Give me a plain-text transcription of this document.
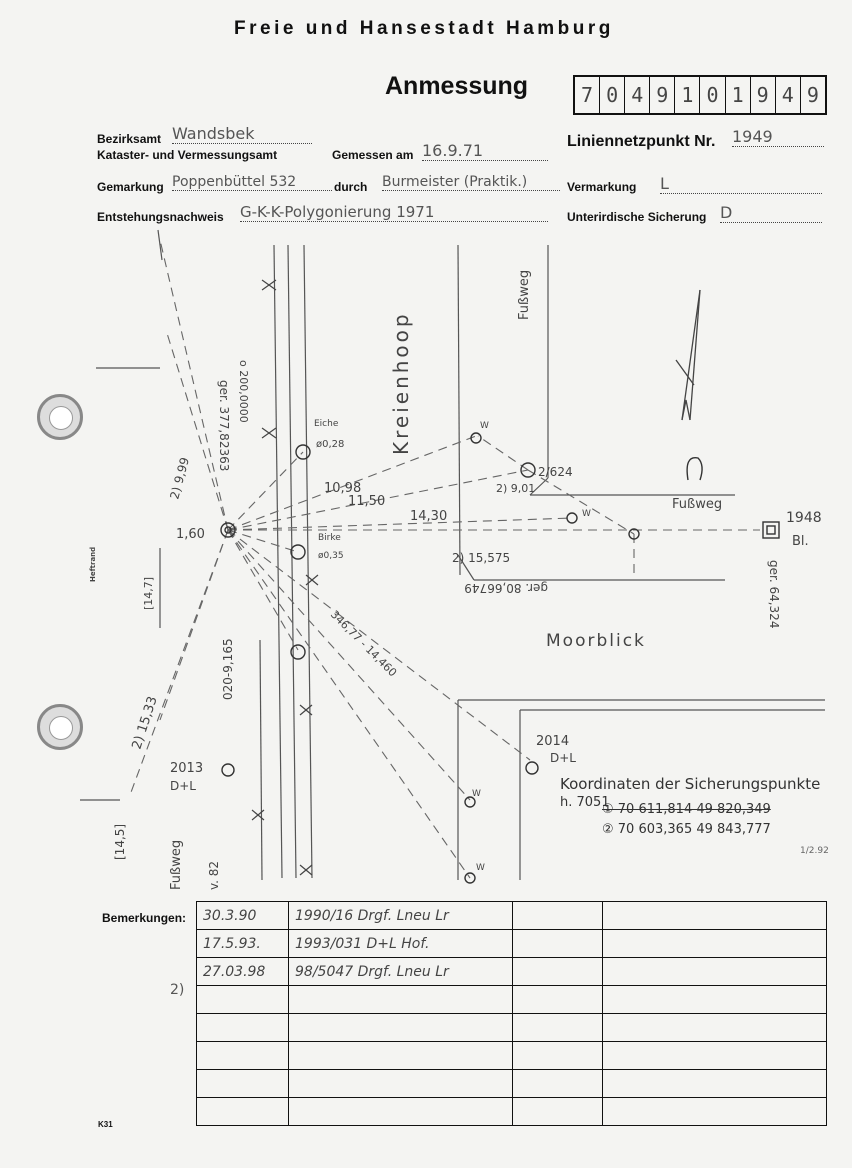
Freie und Hansestadt Hamburg
Anmessung	7 0 4 9 1 0 1 9 4 9
Bezirksamt Wandsbek
Kataster- und Vermessungsamt	Gemessen am 16.9.71	Liniennetzpunkt Nr. 1949
Gemarkung Poppenbüttel 532	durch Burmeister (Praktik.)	Vermarkung L
Entstehungsnachweis G-K-K-Polygonierung 1971	Unterirdische Sicherung D
Kreienhoop
Moorblick
Fußweg
Fußweg
Fußweg
Heftrand
1948
Bl.
2013
D+L
2014
D+L
2/624
Eiche
Birke
ø0,28
ø0,35
10,98
11,50
14,30
1,60
[14,7]
[14,5]
2) 15,575
2) 15,33
2) 9,99	2) 9,01
ger. 80,66749
ger. 377,82363
ger. 64,324
346,77 - 14,460
020-9,165
o 200,0000
W
W
W
W
v. 82
Koordinaten der Sicherungspunkte
h. 7051
① 70 611,814 49 820,349
② 70 603,365 49 843,777
1/2.92
Bemerkungen:
2)
30.3.90	1990/16 Drgf. Lneu Lr		
17.5.93.	1993/031 D+L Hof.		
27.03.98	98/5047 Drgf. Lneu Lr		

K31
